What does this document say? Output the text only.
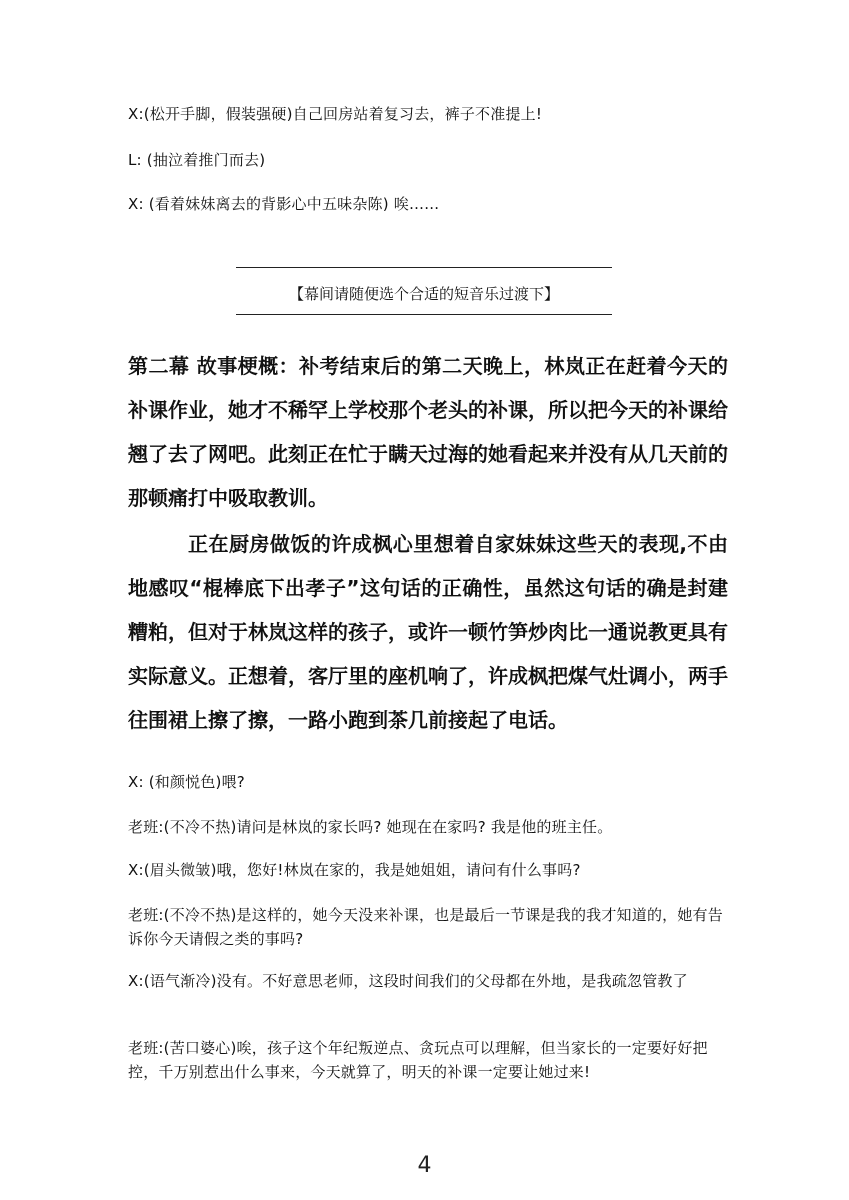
X:(松开手脚，假装强硬)自己回房站着复习去，裤子不准提上!
L: (抽泣着推门而去)
X: (看着妹妹离去的背影心中五味杂陈) 唉……
【幕间请随便选个合适的短音乐过渡下】

第二幕 故事梗概：补考结束后的第二天晚上，林岚正在赶着今天的补课作业，她才不稀罕上学校那个老头的补课，所以把今天的补课给翘了去了网吧。此刻正在忙于瞒天过海的她看起来并没有从几天前的那顿痛打中吸取教训。

正在厨房做饭的许成枫心里想着自家妹妹这些天的表现,不由地感叹“棍棒底下出孝子”这句话的正确性，虽然这句话的确是封建糟粕，但对于林岚这样的孩子，或许一顿竹笋炒肉比一通说教更具有实际意义。正想着，客厅里的座机响了，许成枫把煤气灶调小，两手往围裙上擦了擦，一路小跑到茶几前接起了电话。

X: (和颜悦色)喂?
老班:(不冷不热)请问是林岚的家长吗? 她现在在家吗? 我是他的班主任。
X:(眉头微皱)哦，您好!林岚在家的，我是她姐姐，请问有什么事吗?
老班:(不冷不热)是这样的，她今天没来补课，也是最后一节课是我的我才知道的，她有告诉你今天请假之类的事吗?
X:(语气渐冷)没有。不好意思老师，这段时间我们的父母都在外地，是我疏忽管教了
老班:(苦口婆心)唉，孩子这个年纪叛逆点、贪玩点可以理解，但当家长的一定要好好把控，千万别惹出什么事来，今天就算了，明天的补课一定要让她过来!
4
